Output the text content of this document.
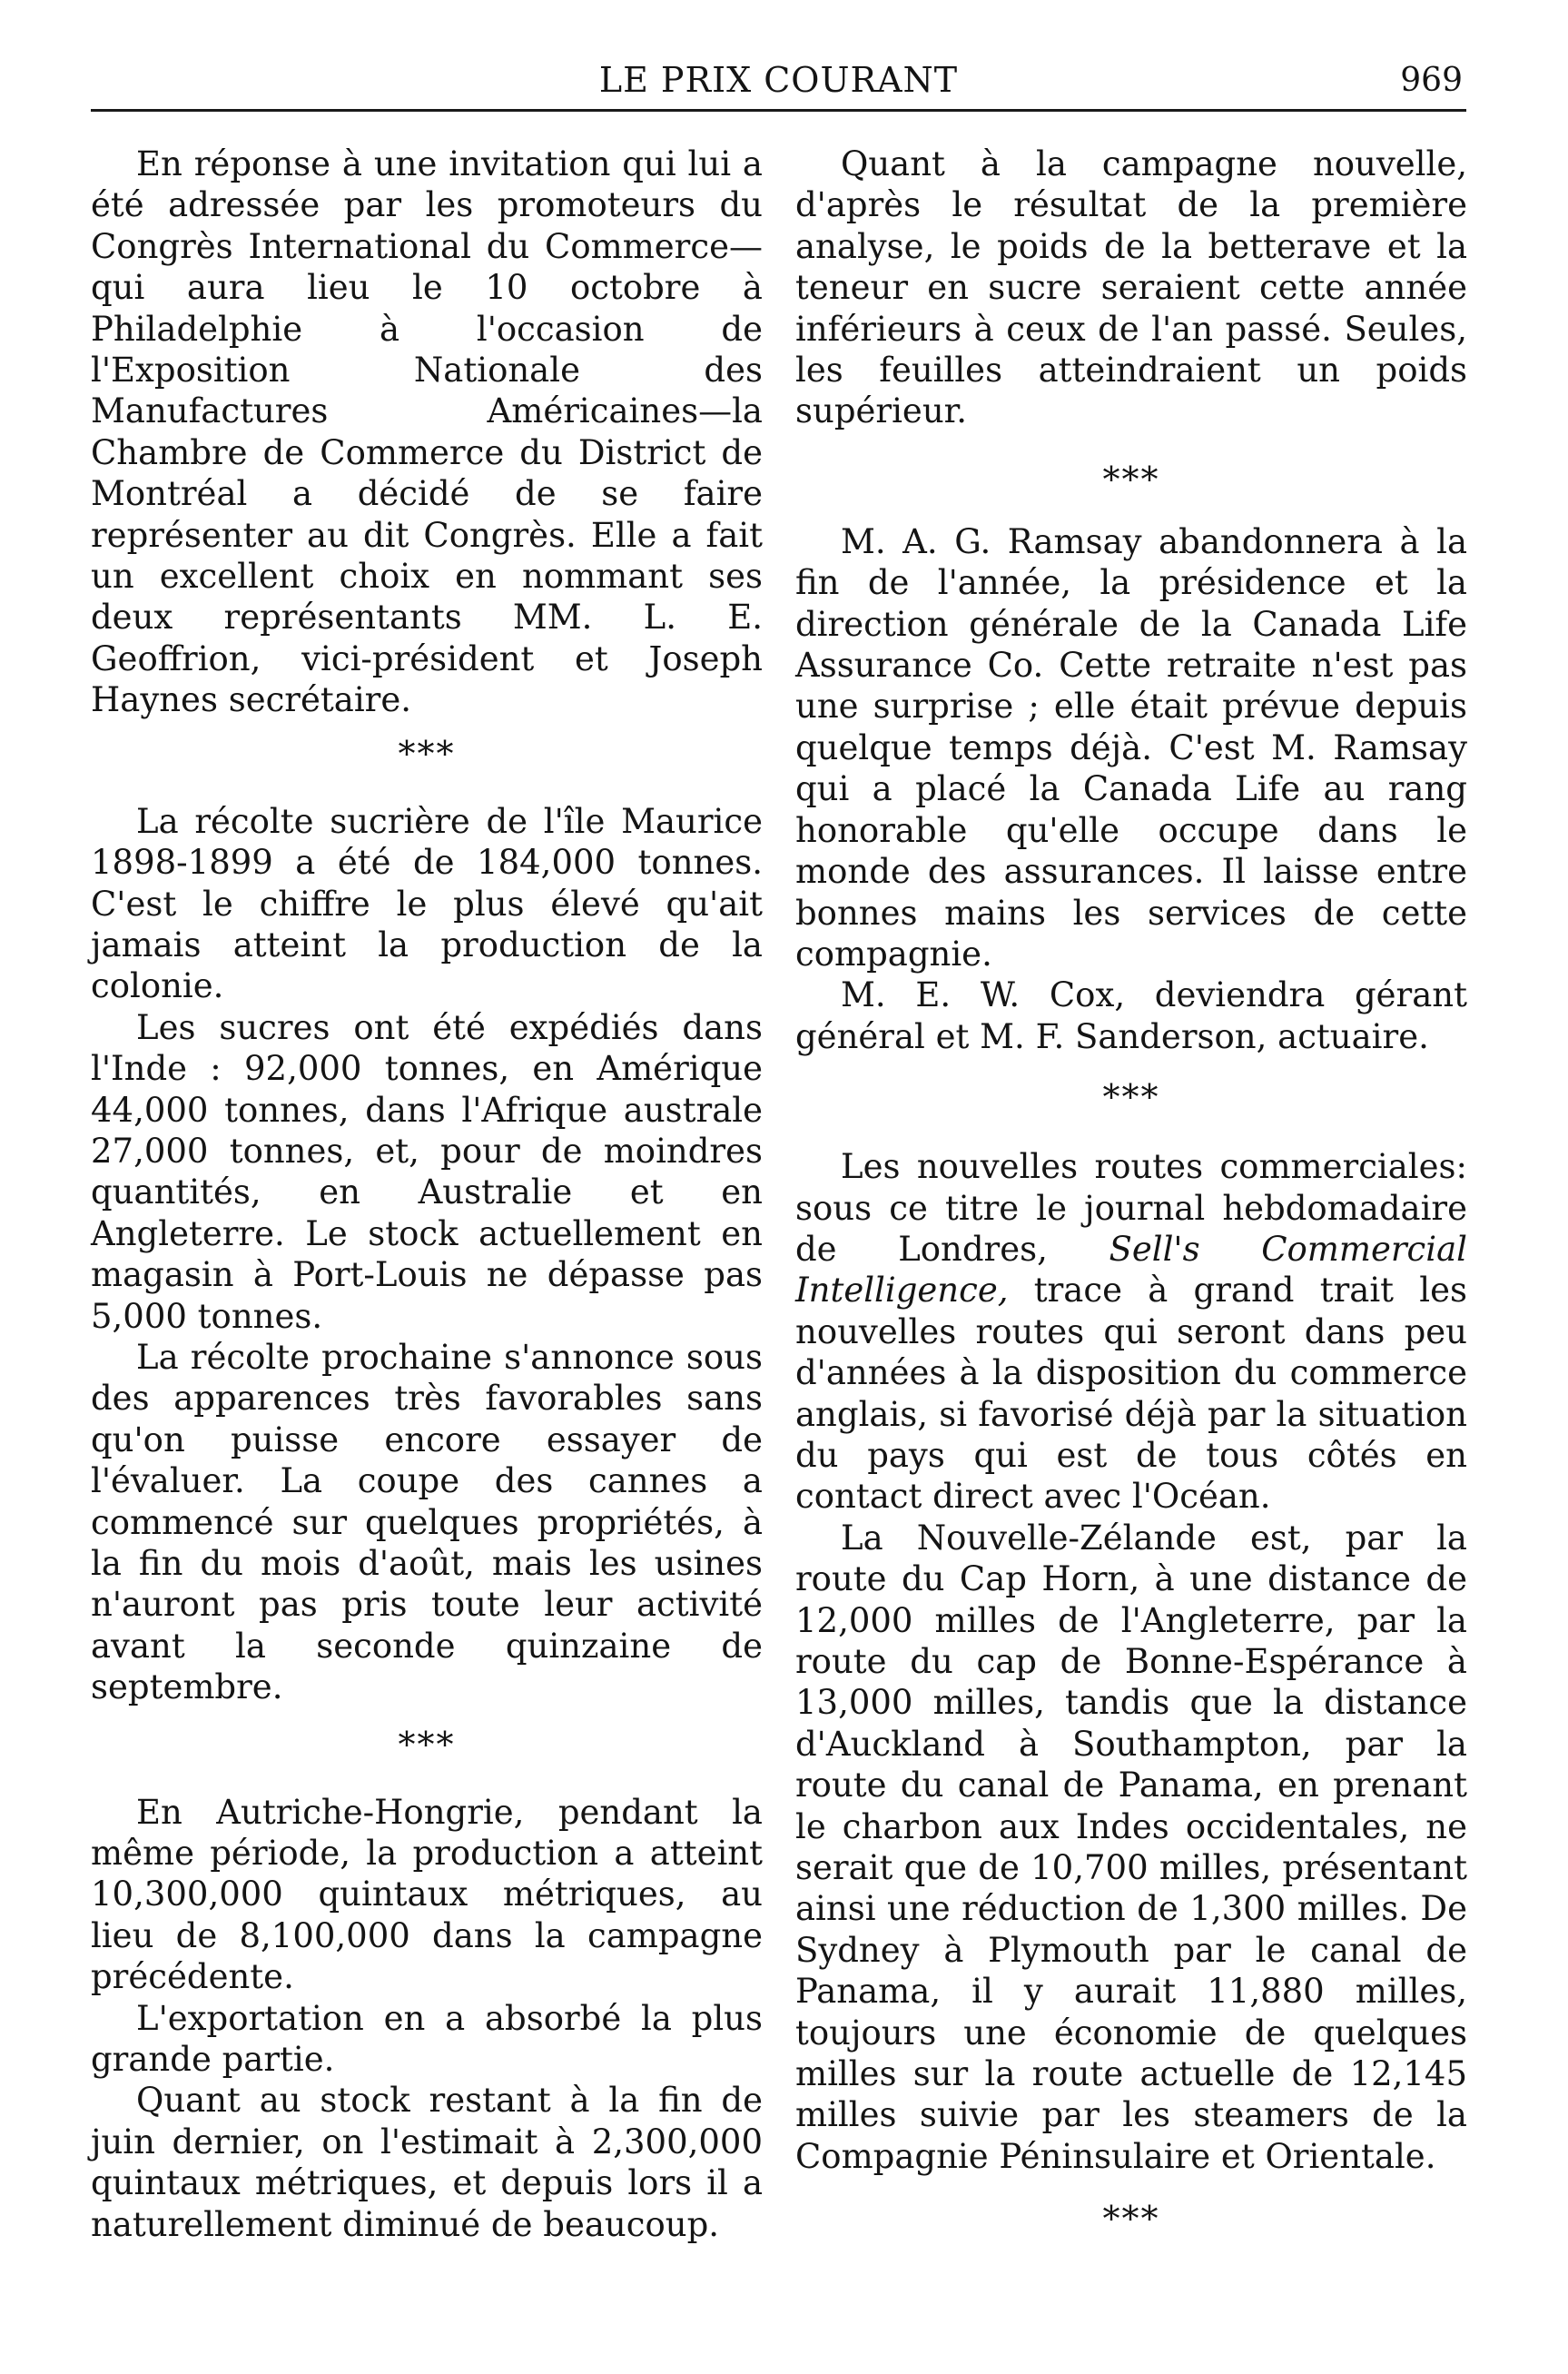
LE PRIX COURANT	969

En réponse à une invitation qui lui a été adressée par les promoteurs du Congrès International du Commerce—qui aura lieu le 10 octobre à Philadelphie à l'occasion de l'Exposition Nationale des Manufactures Américaines—la Chambre de Commerce du District de Montréal a décidé de se faire représenter au dit Congrès. Elle a fait un excellent choix en nommant ses deux représentants MM. L. E. Geoffrion, vici-président et Joseph Haynes secrétaire.

***

La récolte sucrière de l'île Maurice 1898-1899 a été de 184,000 tonnes. C'est le chiffre le plus élevé qu'ait jamais atteint la production de la colonie.

Les sucres ont été expédiés dans l'Inde : 92,000 tonnes, en Amérique 44,000 tonnes, dans l'Afrique australe 27,000 tonnes, et, pour de moindres quantités, en Australie et en Angleterre. Le stock actuellement en magasin à Port-Louis ne dépasse pas 5,000 tonnes.

La récolte prochaine s'annonce sous des apparences très favorables sans qu'on puisse encore essayer de l'évaluer. La coupe des cannes a commencé sur quelques propriétés, à la fin du mois d'août, mais les usines n'auront pas pris toute leur activité avant la seconde quinzaine de septembre.

***

En Autriche-Hongrie, pendant la même période, la production a atteint 10,300,000 quintaux métriques, au lieu de 8,100,000 dans la campagne précédente.

L'exportation en a absorbé la plus grande partie.

Quant au stock restant à la fin de juin dernier, on l'estimait à 2,300,000 quintaux métriques, et depuis lors il a naturellement diminué de beaucoup.

Quant à la campagne nouvelle, d'après le résultat de la première analyse, le poids de la betterave et la teneur en sucre seraient cette année inférieurs à ceux de l'an passé. Seules, les feuilles atteindraient un poids supérieur.

***

M. A. G. Ramsay abandonnera à la fin de l'année, la présidence et la direction générale de la Canada Life Assurance Co. Cette retraite n'est pas une surprise ; elle était prévue depuis quelque temps déjà. C'est M. Ramsay qui a placé la Canada Life au rang honorable qu'elle occupe dans le monde des assurances. Il laisse entre bonnes mains les services de cette compagnie.

M. E. W. Cox, deviendra gérant général et M. F. Sanderson, actuaire.

***

Les nouvelles routes commerciales: sous ce titre le journal hebdomadaire de Londres, Sell's Commercial Intelligence, trace à grand trait les nouvelles routes qui seront dans peu d'années à la disposition du commerce anglais, si favorisé déjà par la situation du pays qui est de tous côtés en contact direct avec l'Océan.

La Nouvelle-Zélande est, par la route du Cap Horn, à une distance de 12,000 milles de l'Angleterre, par la route du cap de Bonne-Espérance à 13,000 milles, tandis que la distance d'Auckland à Southampton, par la route du canal de Panama, en prenant le charbon aux Indes occidentales, ne serait que de 10,700 milles, présentant ainsi une réduction de 1,300 milles. De Sydney à Plymouth par le canal de Panama, il y aurait 11,880 milles, toujours une économie de quelques milles sur la route actuelle de 12,145 milles suivie par les steamers de la Compagnie Péninsulaire et Orientale.

***
